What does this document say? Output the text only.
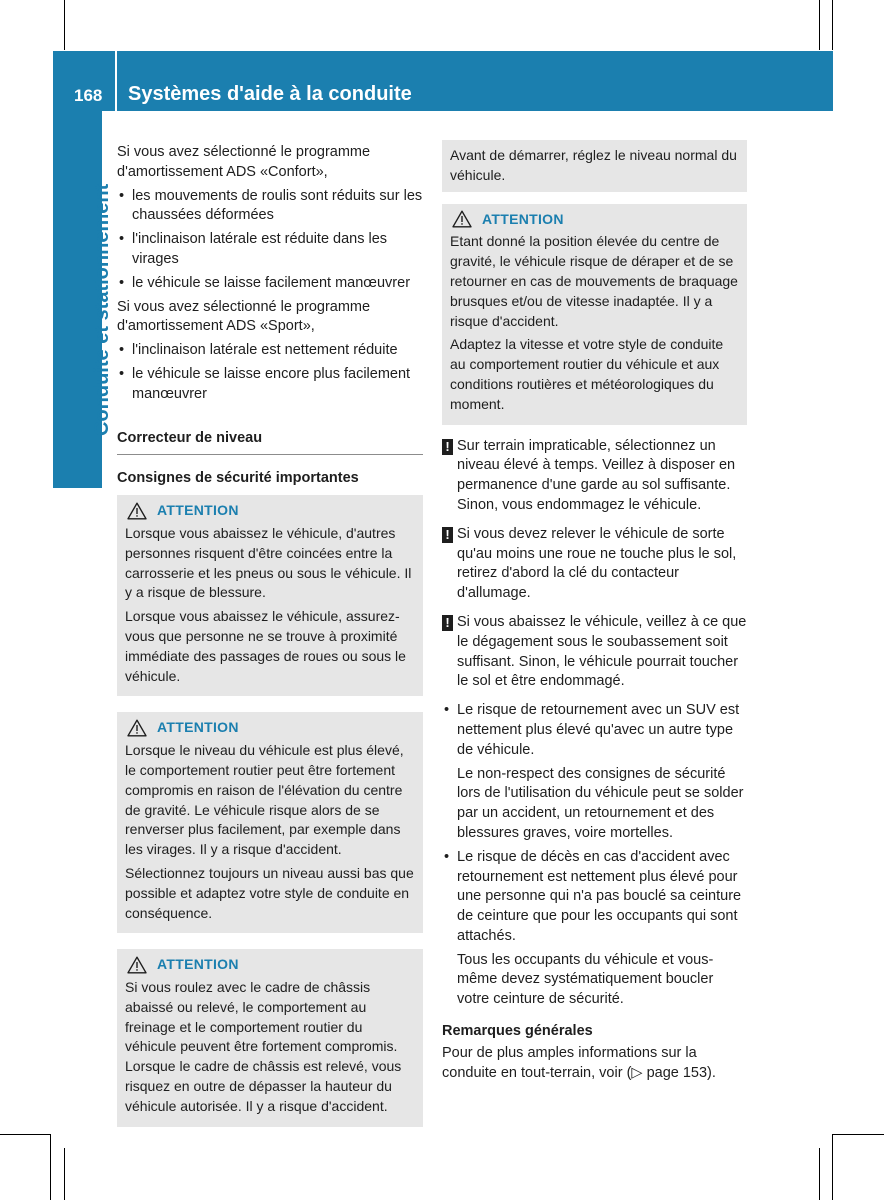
168 Systèmes d'aide à la conduite
Conduite et stationnement

Si vous avez sélectionné le programme d'amortissement ADS «Confort»,

• les mouvements de roulis sont réduits sur les chaussées déformées
• l'inclinaison latérale est réduite dans les virages
• le véhicule se laisse facilement manœuvrer

Si vous avez sélectionné le programme d'amortissement ADS «Sport»,

• l'inclinaison latérale est nettement réduite
• le véhicule se laisse encore plus facilement manœuvrer
Correcteur de niveau
Consignes de sécurité importantes
ATTENTION

Lorsque vous abaissez le véhicule, d'autres personnes risquent d'être coincées entre la carrosserie et les pneus ou sous le véhicule. Il y a risque de blessure.

Lorsque vous abaissez le véhicule, assurez-vous que personne ne se trouve à proximité immédiate des passages de roues ou sous le véhicule.

ATTENTION

Lorsque le niveau du véhicule est plus élevé, le comportement routier peut être fortement compromis en raison de l'élévation du centre de gravité. Le véhicule risque alors de se renverser plus facilement, par exemple dans les virages. Il y a risque d'accident.

Sélectionnez toujours un niveau aussi bas que possible et adaptez votre style de conduite en conséquence.

ATTENTION

Si vous roulez avec le cadre de châssis abaissé ou relevé, le comportement au freinage et le comportement routier du véhicule peuvent être fortement compromis. Lorsque le cadre de châssis est relevé, vous risquez en outre de dépasser la hauteur du véhicule autorisée. Il y a risque d'accident.

Avant de démarrer, réglez le niveau normal du véhicule.
ATTENTION

Etant donné la position élevée du centre de gravité, le véhicule risque de déraper et de se retourner en cas de mouvements de braquage brusques et/ou de vitesse inadaptée. Il y a risque d'accident.

Adaptez la vitesse et votre style de conduite au comportement routier du véhicule et aux conditions routières et météorologiques du moment.

! Sur terrain impraticable, sélectionnez un niveau élevé à temps. Veillez à disposer en permanence d'une garde au sol suffisante. Sinon, vous endommagez le véhicule.
! Si vous devez relever le véhicule de sorte qu'au moins une roue ne touche plus le sol, retirez d'abord la clé du contacteur d'allumage.
! Si vous abaissez le véhicule, veillez à ce que le dégagement sous le soubassement soit suffisant. Sinon, le véhicule pourrait toucher le sol et être endommagé.
• Le risque de retournement avec un SUV est nettement plus élevé qu'avec un autre type de véhicule.

Le non-respect des consignes de sécurité lors de l'utilisation du véhicule peut se solder par un accident, un retournement et des blessures graves, voire mortelles.

• Le risque de décès en cas d'accident avec retournement est nettement plus élevé pour une personne qui n'a pas bouclé sa ceinture de ceinture que pour les occupants qui sont attachés.

Tous les occupants du véhicule et vous-même devez systématiquement boucler votre ceinture de sécurité.

Remarques générales

Pour de plus amples informations sur la conduite en tout-terrain, voir (▷ page 153).
